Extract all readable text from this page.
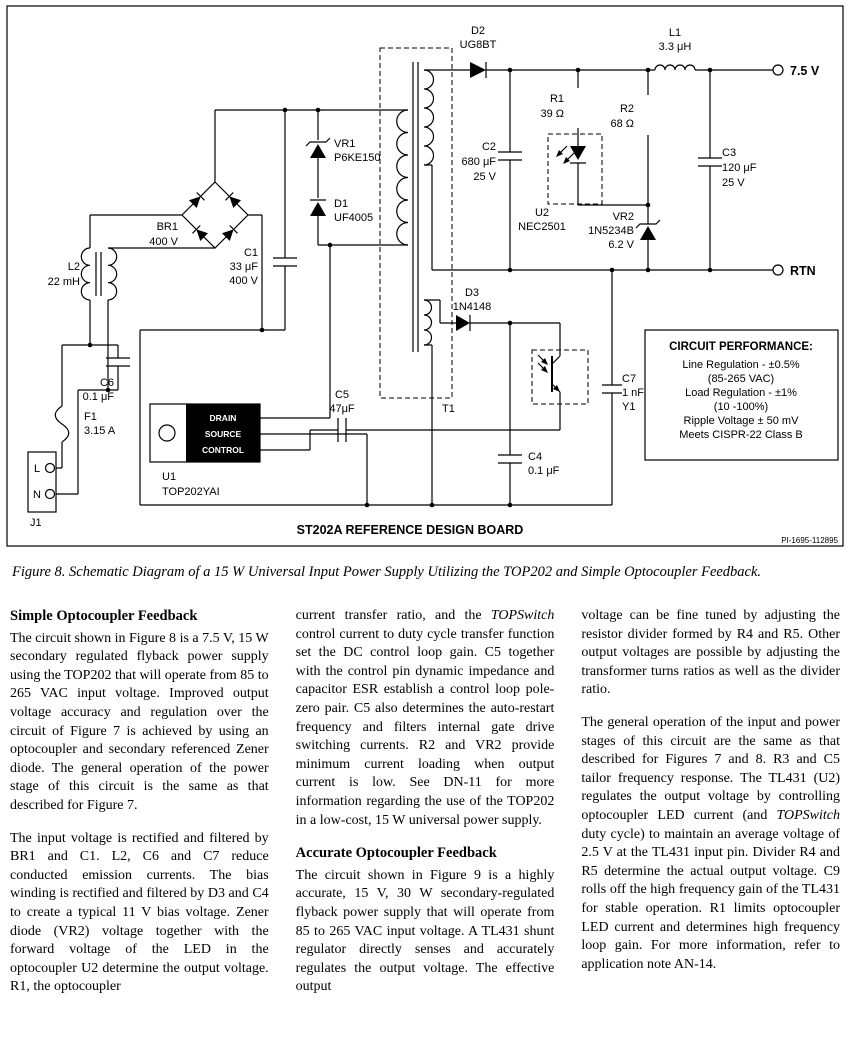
DRAIN
SOURCE
CONTROL
CIRCUIT PERFORMANCE:
Line Regulation - ±0.5%
(85-265 VAC)
Load Regulation - ±1%
(10 -100%)
Ripple Voltage ± 50 mV
Meets CISPR-22 Class B
D2
UG8BT
L1
3.3 μH
7.5 V
RTN
R1
39 Ω	R2
68 Ω
C2
680 μF
25 V
C3
120 μF
25 V
U2
NEC2501
VR2
1N5234B
6.2 V
C7
1 nF
Y1
VR1
P6KE150
D1
UF4005
BR1
400 V
C1
33 μF
400 V
L2
22 mH
C6
0.1 μF
F1
3.15 A
J1
L
N
T1
D3
1N4148
C5
47μF
C4
0.1 μF
U1
TOP202YAI
ST202A REFERENCE DESIGN BOARD
PI-1695-112895
Figure 8. Schematic Diagram of a 15 W Universal Input Power Supply Utilizing the TOP202 and Simple Optocoupler Feedback.
Simple Optocoupler Feedback

The circuit shown in Figure 8 is a 7.5 V, 15 W secondary regulated flyback power supply using the TOP202 that will operate from 85 to 265 VAC input voltage. Improved output voltage accuracy and regulation over the circuit of Figure 7 is achieved by using an optocoupler and secondary referenced Zener diode. The general operation of the power stage of this circuit is the same as that described for Figure 7.

The input voltage is rectified and filtered by BR1 and C1. L2, C6 and C7 reduce conducted emission currents. The bias winding is rectified and filtered by D3 and C4 to create a typical 11 V bias voltage. Zener diode (VR2) voltage together with the forward voltage of the LED in the optocoupler U2 determine the output voltage. R1, the optocoupler

current transfer ratio, and the TOPSwitch control current to duty cycle transfer function set the DC control loop gain. C5 together with the control pin dynamic impedance and capacitor ESR establish a control loop pole-zero pair. C5 also determines the auto-restart frequency and filters internal gate drive switching currents. R2 and VR2 provide minimum current loading when output current is low. See DN-11 for more information regarding the use of the TOP202 in a low-cost, 15 W universal power supply.

Accurate Optocoupler Feedback

The circuit shown in Figure 9 is a highly accurate, 15 V, 30 W secondary-regulated flyback power supply that will operate from 85 to 265 VAC input voltage. A TL431 shunt regulator directly senses and accurately regulates the output voltage. The effective output

voltage can be fine tuned by adjusting the resistor divider formed by R4 and R5. Other output voltages are possible by adjusting the transformer turns ratios as well as the divider ratio.

The general operation of the input and power stages of this circuit are the same as that described for Figures 7 and 8. R3 and C5 tailor frequency response. The TL431 (U2) regulates the output voltage by controlling optocoupler LED current (and TOPSwitch duty cycle) to maintain an average voltage of 2.5 V at the TL431 input pin. Divider R4 and R5 determine the actual output voltage. C9 rolls off the high frequency gain of the TL431 for stable operation. R1 limits optocoupler LED current and determines high frequency loop gain. For more information, refer to application note AN-14.
